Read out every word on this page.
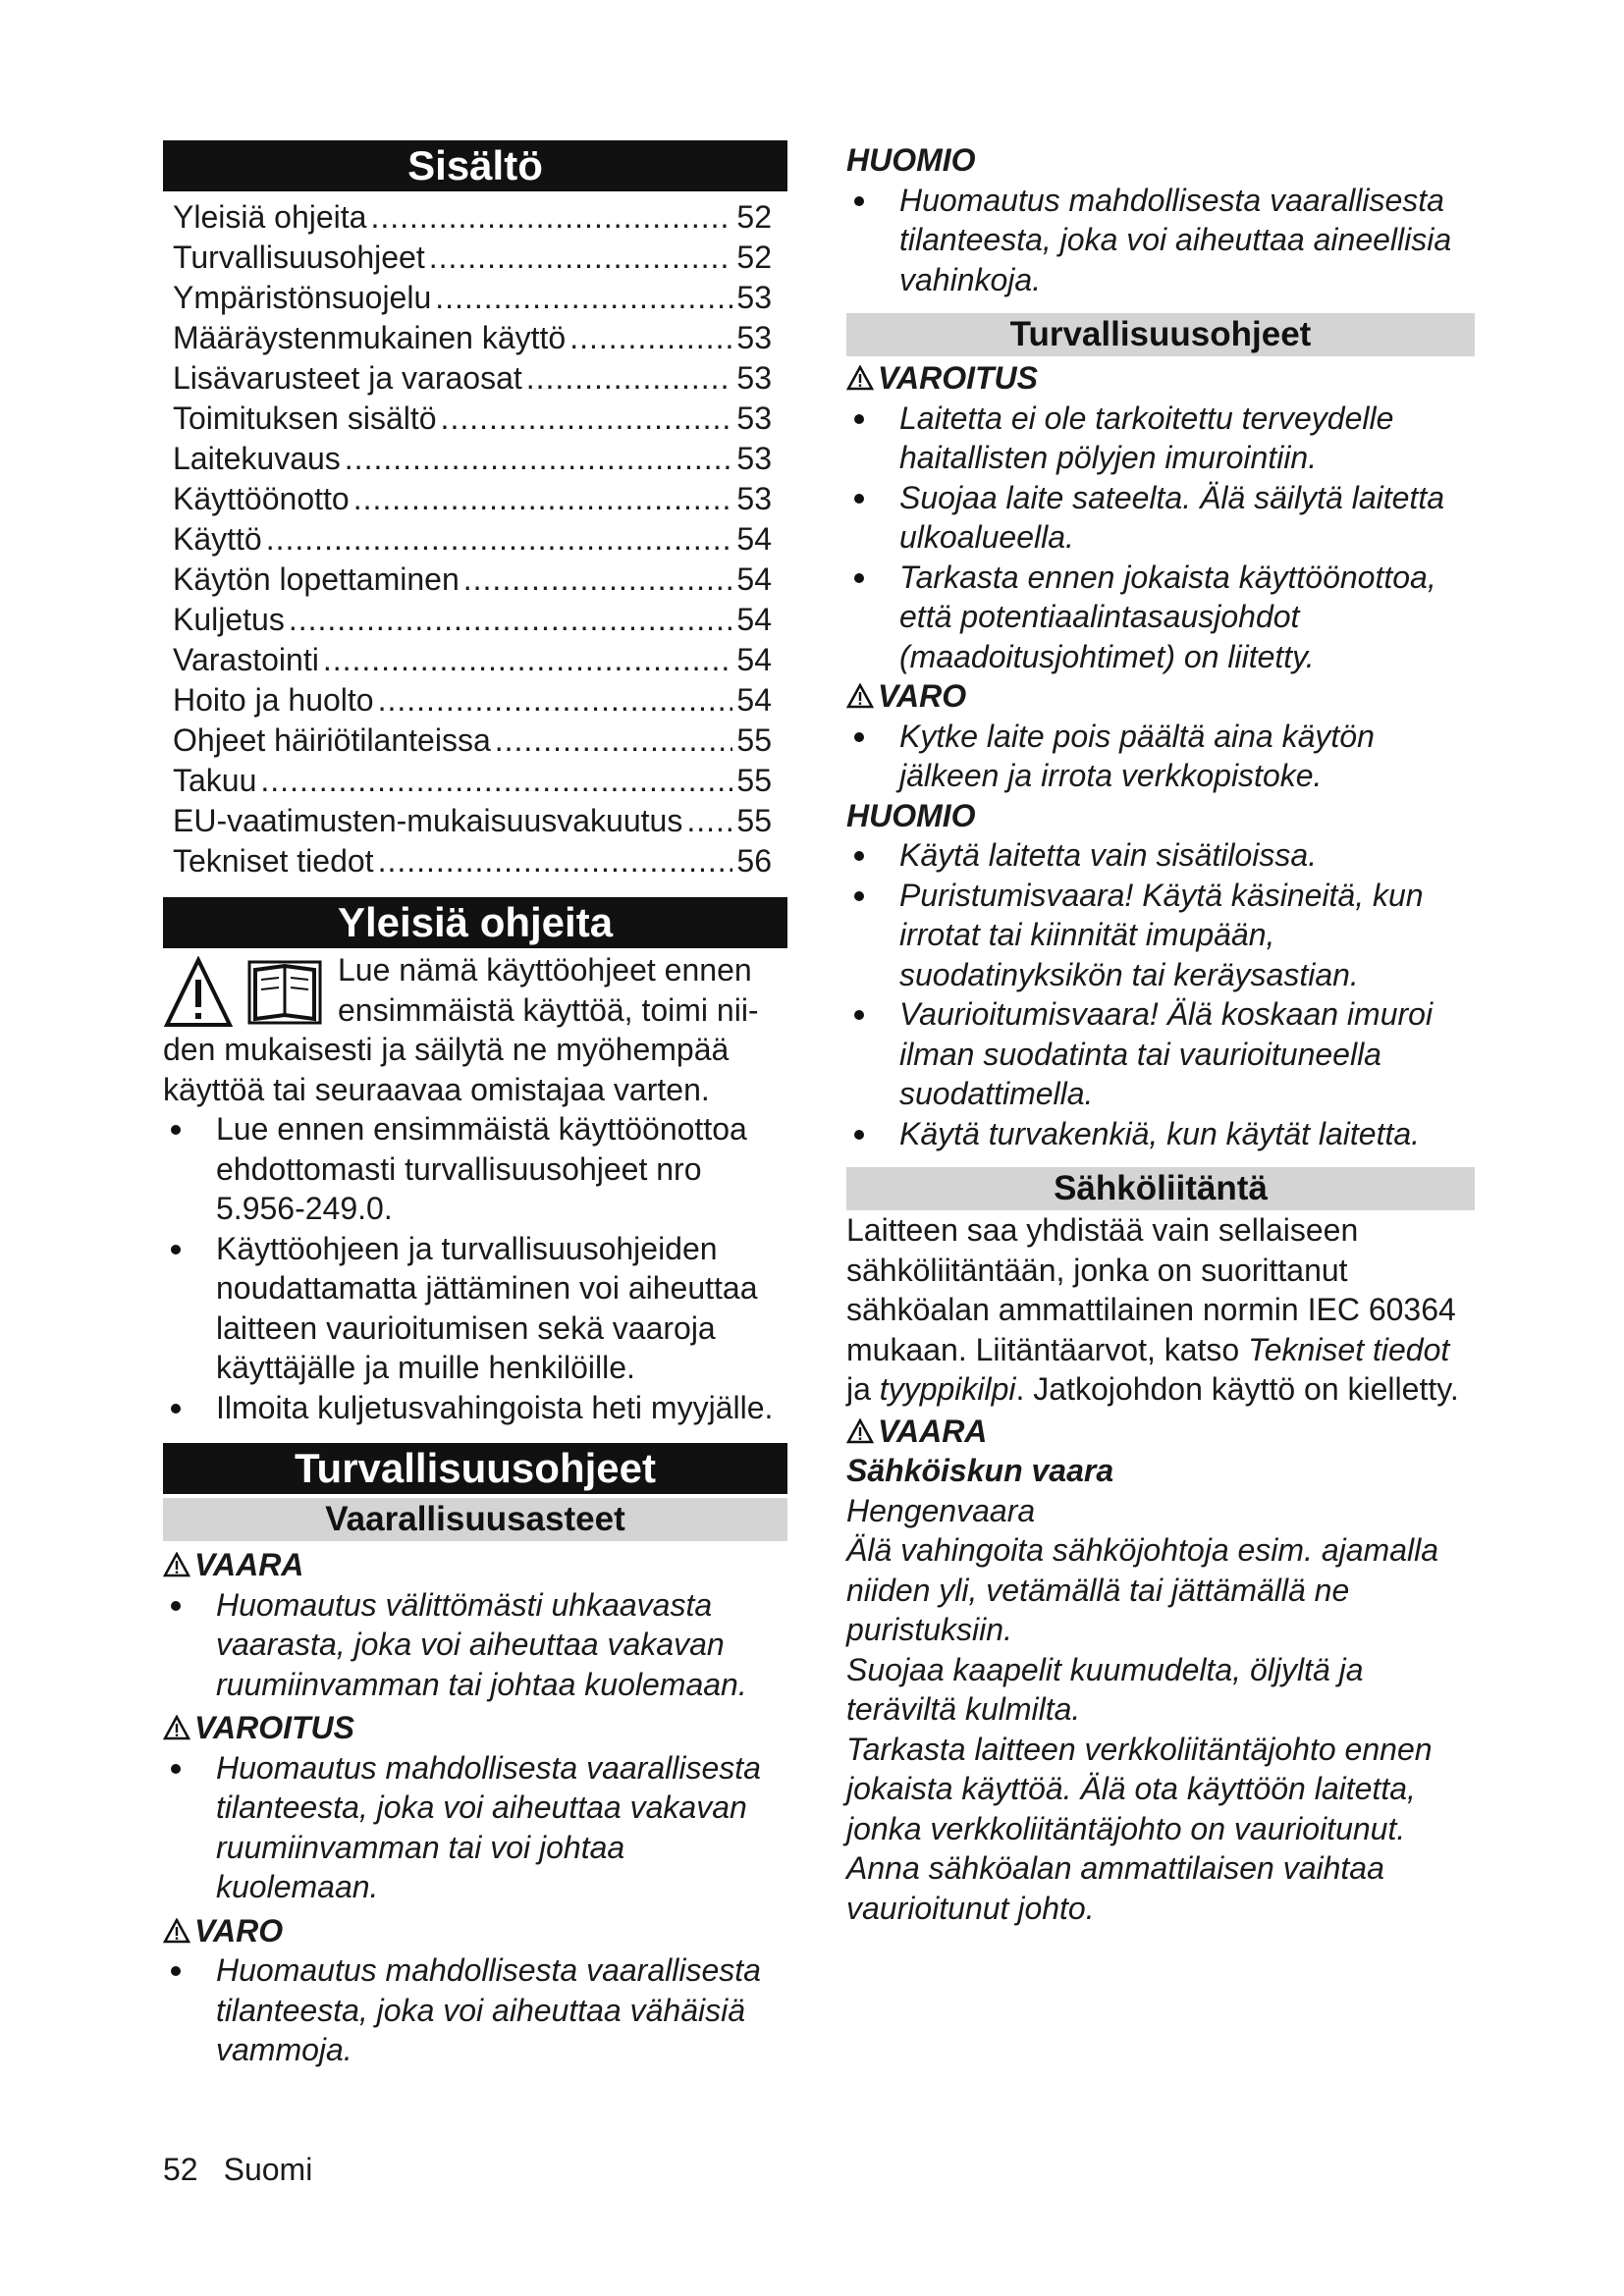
Sisältö
Yleisiä ohjeita .....	52
Turvallisuusohjeet .....	52
Ympäristönsuojelu .....	53
Määräystenmukainen käyttö .....	53
Lisävarusteet ja varaosat .....	53
Toimituksen sisältö .....	53
Laitekuvaus .....	53
Käyttöönotto .....	53
Käyttö .....	54
Käytön lopettaminen .....	54
Kuljetus .....	54
Varastointi .....	54
Hoito ja huolto .....	54
Ohjeet häiriötilanteissa .....	55
Takuu .....	55
EU-vaatimusten-mukaisuusvakuutus ..... 55
Tekniset tiedot .....	56
Yleisiä ohjeita

Lue nämä käyttöohjeet ennen

ensimmäistä käyttöä, toimi nii-

den mukaisesti ja säilytä ne myöhempää

käyttöä tai seuraavaa omistajaa varten.

Lue ennen ensimmäistä käyttöönottoa ehdottomasti turvallisuusohjeet nro 5.956-249.0.
Käyttöohjeen ja turvallisuusohjeiden noudattamatta jättäminen voi aiheuttaa laitteen vaurioitumisen sekä vaaroja käyttäjälle ja muille henkilöille.
Ilmoita kuljetusvahingoista heti myyjälle.
Turvallisuusohjeet
Vaarallisuusasteet

VAARA

Huomautus välittömästi uhkaavasta vaarasta, joka voi aiheuttaa vakavan ruumiinvamman tai johtaa kuolemaan.

VAROITUS

Huomautus mahdollisesta vaarallisesta tilanteesta, joka voi aiheuttaa vakavan ruumiinvamman tai voi johtaa kuolemaan.

VARO

Huomautus mahdollisesta vaarallisesta tilanteesta, joka voi aiheuttaa vähäisiä vammoja.

HUOMIO

Huomautus mahdollisesta vaarallisesta tilanteesta, joka voi aiheuttaa aineellisia vahinkoja.
Turvallisuusohjeet

VAROITUS

Laitetta ei ole tarkoitettu terveydelle haitallisten pölyjen imurointiin.
Suojaa laite sateelta. Älä säilytä laitetta ulkoalueella.
Tarkasta ennen jokaista käyttöönottoa, että potentiaalintasausjohdot (maadoitusjohtimet) on liitetty.

VARO

Kytke laite pois päältä aina käytön jälkeen ja irrota verkkopistoke.

HUOMIO

Käytä laitetta vain sisätiloissa.
Puristumisvaara! Käytä käsineitä, kun irrotat tai kiinnität imupään, suodatinyksikön tai keräysastian.
Vaurioitumisvaara! Älä koskaan imuroi ilman suodatinta tai vaurioituneella suodattimella.
Käytä turvakenkiä, kun käytät laitetta.
Sähköliitäntä

Laitteen saa yhdistää vain sellaiseen sähköliitäntään, jonka on suorittanut sähköalan ammattilainen normin IEC 60364 mukaan. Liitäntäarvot, katso Tekniset tiedot ja tyyppikilpi. Jatkojohdon käyttö on kielletty.

VAARA

Sähköiskun vaara

Hengenvaara

Älä vahingoita sähköjohtoja esim. ajamalla niiden yli, vetämällä tai jättämällä ne puristuksiin.

Suojaa kaapelit kuumudelta, öljyltä ja teräviltä kulmilta.

Tarkasta laitteen verkkoliitäntäjohto ennen jokaista käyttöä. Älä ota käyttöön laitetta, jonka verkkoliitäntäjohto on vaurioitunut. Anna sähköalan ammattilaisen vaihtaa vaurioitunut johto.

52 Suomi
